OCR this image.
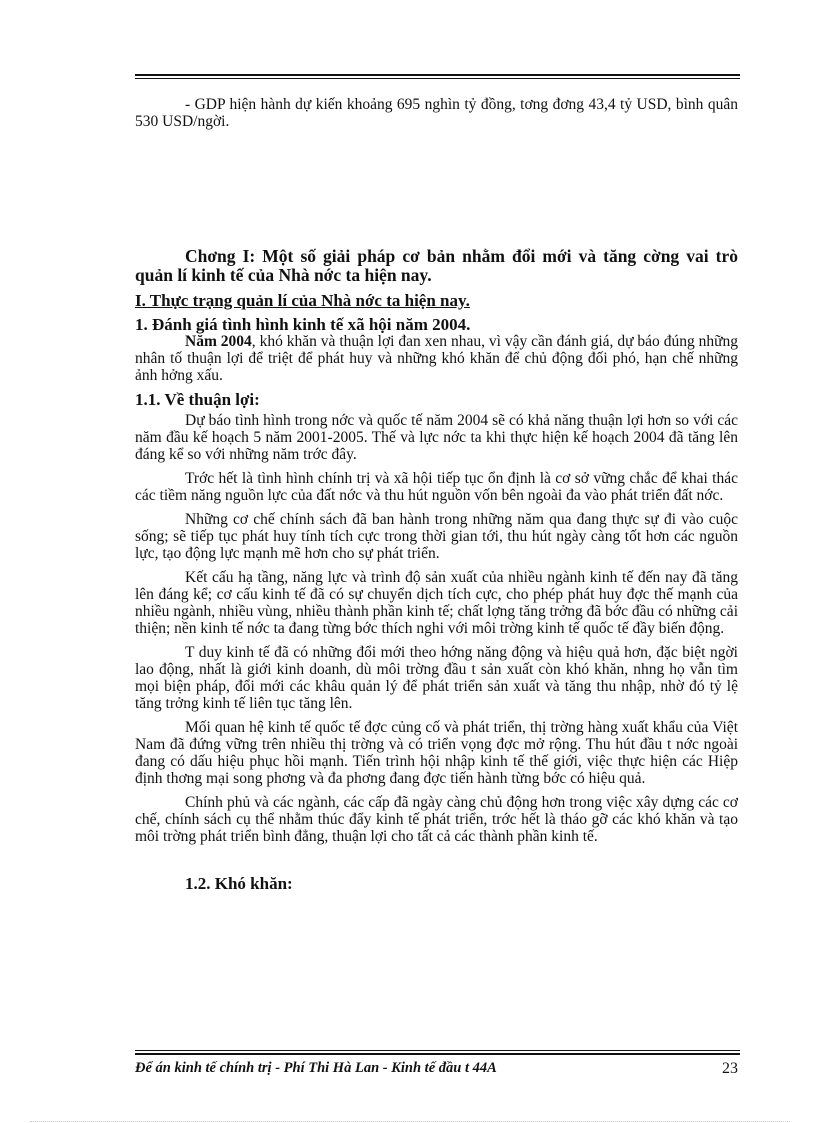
- GDP hiện hành dự kiến khoảng 695 nghìn tỷ đồng, tơng đơng 43,4 tỷ USD, bình quân 530 USD/ngời.

Chơng I: Một số giải pháp cơ bản nhằm đổi mới và tăng cờng vai trò quản lí kinh tế của Nhà nớc ta hiện nay.

I. Thực trạng quản lí của Nhà nớc ta hiện nay.

1. Đánh giá tình hình kinh tế xã hội năm 2004.

Năm 2004, khó khăn và thuận lợi đan xen nhau, vì vậy cần đánh giá, dự báo đúng những nhân tố thuận lợi để triệt để phát huy và những khó khăn để chủ động đối phó, hạn chế những ảnh hởng xấu.

1.1. Về thuận lợi:

Dự báo tình hình trong nớc và quốc tế năm 2004 sẽ có khả năng thuận lợi hơn so với các năm đầu kế hoạch 5 năm 2001-2005. Thế và lực nớc ta khi thực hiện kế hoạch 2004 đã tăng lên đáng kể so với những năm trớc đây.

Trớc hết là tình hình chính trị và xã hội tiếp tục ổn định là cơ sở vững chắc để khai thác các tiềm năng nguồn lực của đất nớc và thu hút nguồn vốn bên ngoài đa vào phát triển đất nớc.

Những cơ chế chính sách đã ban hành trong những năm qua đang thực sự đi vào cuộc sống; sẽ tiếp tục phát huy tính tích cực trong thời gian tới, thu hút ngày càng tốt hơn các nguồn lực, tạo động lực mạnh mẽ hơn cho sự phát triển.

Kết cấu hạ tầng, năng lực và trình độ sản xuất của nhiều ngành kinh tế đến nay đã tăng lên đáng kể; cơ cấu kinh tế đã có sự chuyển dịch tích cực, cho phép phát huy đợc thế mạnh của nhiều ngành, nhiều vùng, nhiều thành phần kinh tế; chất lợng tăng trởng đã bớc đầu có những cải thiện; nền kinh tế nớc ta đang từng bớc thích nghi với môi trờng kinh tế quốc tế đầy biến động.

T duy kinh tế đã có những đổi mới theo hớng năng động và hiệu quả hơn, đặc biệt ngời lao động, nhất là giới kinh doanh, dù môi trờng đầu t sản xuất còn khó khăn, nhng họ vẫn tìm mọi biện pháp, đổi mới các khâu quản lý để phát triển sản xuất và tăng thu nhập, nhờ đó tỷ lệ tăng trởng kinh tế liên tục tăng lên.

Mối quan hệ kinh tế quốc tế đợc củng cố và phát triển, thị trờng hàng xuất khẩu của Việt Nam đã đứng vững trên nhiều thị trờng và có triển vọng đợc mở rộng. Thu hút đầu t nớc ngoài đang có dấu hiệu phục hồi mạnh. Tiến trình hội nhập kinh tế thế giới, việc thực hiện các Hiệp định thơng mại song phơng và đa phơng đang đợc tiến hành từng bớc có hiệu quả.

Chính phủ và các ngành, các cấp đã ngày càng chủ động hơn trong việc xây dựng các cơ chế, chính sách cụ thể nhằm thúc đẩy kinh tế phát triển, trớc hết là tháo gỡ các khó khăn và tạo môi trờng phát triển bình đẳng, thuận lợi cho tất cả các thành phần kinh tế.

1.2. Khó khăn:

Để án kinh tế chính trị - Phí Thi Hà Lan - Kinh tế đầu t 44A	23
